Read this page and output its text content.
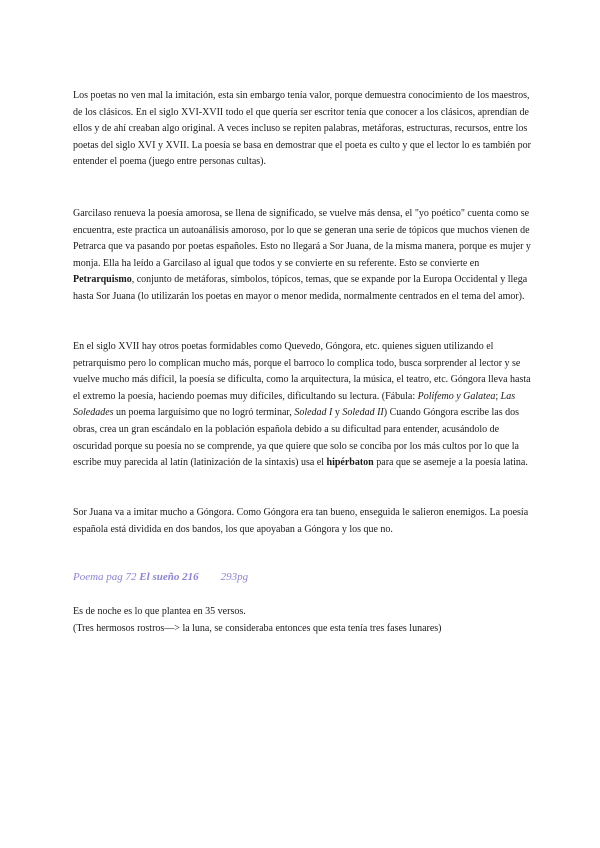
Los poetas no ven mal la imitación, esta sin embargo tenía valor, porque demuestra conocimiento de los maestros, de los clásicos. En el siglo XVI-XVII todo el que quería ser escritor tenía que conocer a los clásicos, aprendían de ellos y de ahí creaban algo original. A veces incluso se repiten palabras, metáforas, estructuras, recursos, entre los poetas del siglo XVI y XVII. La poesía se basa en demostrar que el poeta es culto y que el lector lo es también por entender el poema (juego entre personas cultas).

Garcilaso renueva la poesía amorosa, se llena de significado, se vuelve más densa, el "yo poético" cuenta como se encuentra, este practica un autoanálisis amoroso, por lo que se generan una serie de tópicos que muchos vienen de Petrarca que va pasando por poetas españoles. Esto no llegará a Sor Juana, de la misma manera, porque es mujer y monja. Ella ha leído a Garcilaso al igual que todos y se convierte en su referente. Esto se convierte en Petrarquismo, conjunto de metáforas, símbolos, tópicos, temas, que se expande por la Europa Occidental y llega hasta Sor Juana (lo utilizarán los poetas en mayor o menor medida, normalmente centrados en el tema del amor).

En el siglo XVII hay otros poetas formidables como Quevedo, Góngora, etc. quienes siguen utilizando el petrarquismo pero lo complican mucho más, porque el barroco lo complica todo, busca sorprender al lector y se vuelve mucho más difícil, la poesía se dificulta, como la arquitectura, la música, el teatro, etc. Góngora lleva hasta el extremo la poesía, haciendo poemas muy difíciles, dificultando su lectura. (Fábula: Polifemo y Galatea; Las Soledades un poema larguísimo que no logró terminar, Soledad I y Soledad II) Cuando Góngora escribe las dos obras, crea un gran escándalo en la población española debido a su dificultad para entender, acusándolo de oscuridad porque su poesía no se comprende, ya que quiere que solo se conciba por los más cultos por lo que la escribe muy parecida al latín (latinización de la sintaxis) usa el hipérbaton para que se asemeje a la poesía latina.

Sor Juana va a imitar mucho a Góngora. Como Góngora era tan bueno, enseguida le salieron enemigos. La poesía española está dividida en dos bandos, los que apoyaban a Góngora y los que no.

Poema pag 72 El sueño 216 293pg

Es de noche es lo que plantea en 35 versos.

(Tres hermosos rostros—> la luna, se consideraba entonces que esta tenía tres fases lunares)
